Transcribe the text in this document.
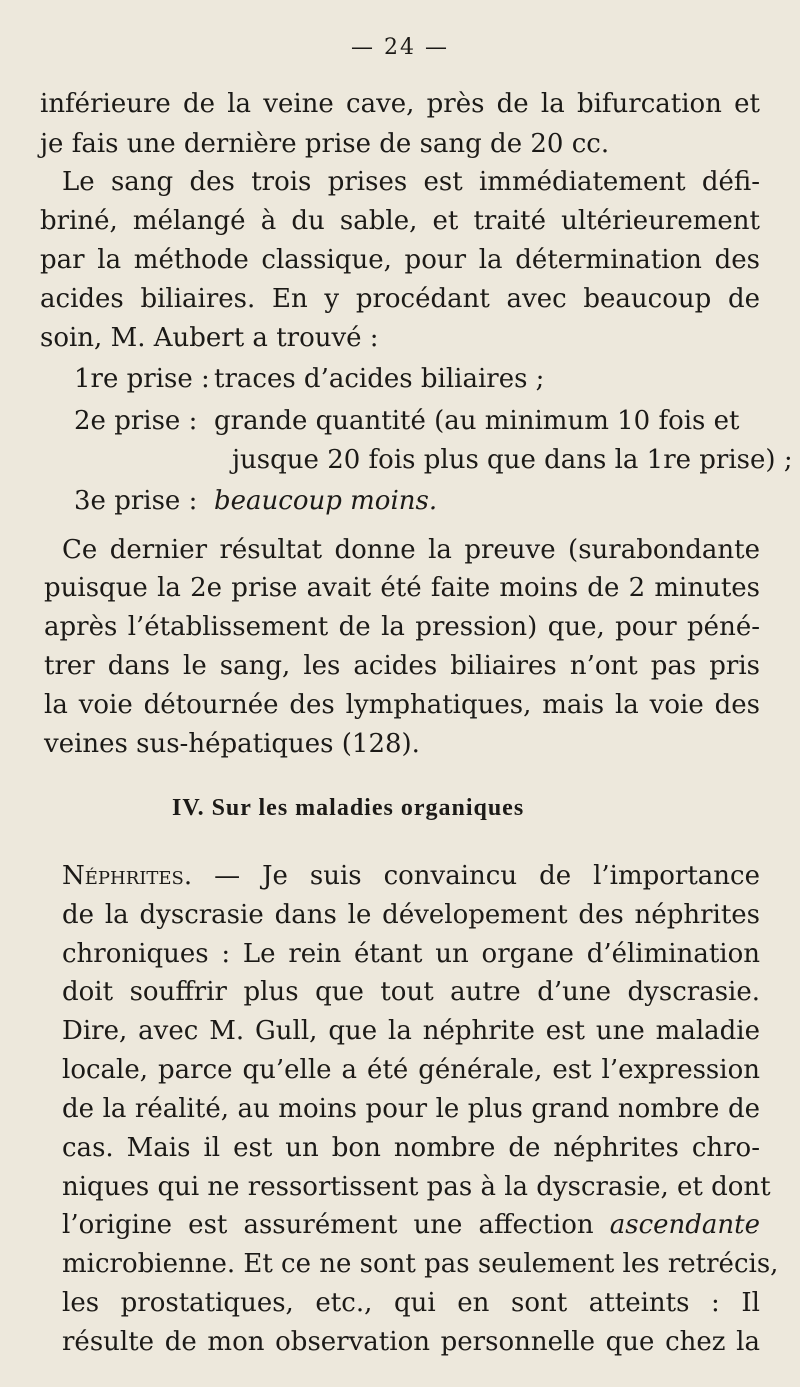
— 24 —
inférieure de la veine cave, près de la bifurcation et
je fais une dernière prise de sang de 20 cc.
Le sang des trois prises est immédiatement défi-
briné, mélangé à du sable, et traité ultérieurement
par la méthode classique, pour la détermination des
acides biliaires. En y procédant avec beaucoup de
soin, M. Aubert a trouvé :
1re prise : traces d’acides biliaires ;
2e prise : grande quantité (au minimum 10 fois et
jusque 20 fois plus que dans la 1re prise) ;
3e prise : beaucoup moins.
Ce dernier résultat donne la preuve (surabondante
puisque la 2e prise avait été faite moins de 2 minutes
après l’établissement de la pression) que, pour péné-
trer dans le sang, les acides biliaires n’ont pas pris
la voie détournée des lymphatiques, mais la voie des
veines sus-hépatiques (128).
IV. Sur les maladies organiques
Néphrites. — Je suis convaincu de l’importance
de la dyscrasie dans le dévelopement des néphrites
chroniques : Le rein étant un organe d’élimination
doit souffrir plus que tout autre d’une dyscrasie.
Dire, avec M. Gull, que la néphrite est une maladie
locale, parce qu’elle a été générale, est l’expression
de la réalité, au moins pour le plus grand nombre de
cas. Mais il est un bon nombre de néphrites chro-
niques qui ne ressortissent pas à la dyscrasie, et dont
l’origine est assurément une affection ascendante
microbienne. Et ce ne sont pas seulement les retrécis,
les prostatiques, etc., qui en sont atteints : Il
résulte de mon observation personnelle que chez la
